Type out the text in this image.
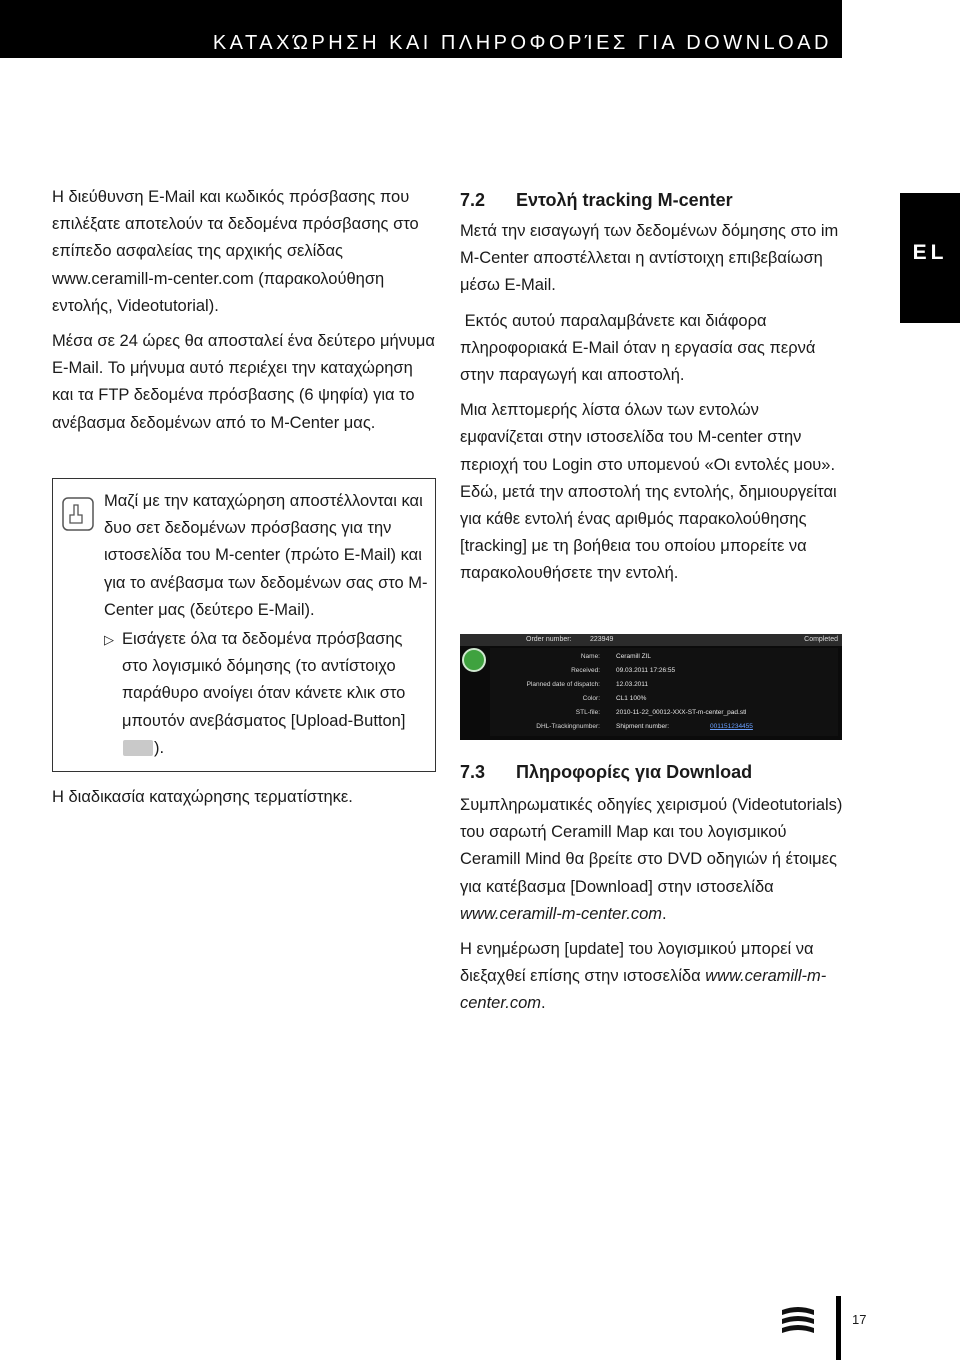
ΚΑΤΑΧΏΡΗΣΗ ΚΑΙ ΠΛΗΡΟΦΟΡΊΕΣ ΓΙΑ DOWNLOAD
EL

Η διεύθυνση E-Mail και κωδικός πρόσβασης που επιλέξατε αποτελούν τα δεδομένα πρόσβασης στο επίπεδο ασφαλείας της αρχικής σελίδας www.ceramill-m-center.com (παρακολούθηση εντολής, Videotutorial).

Μέσα σε 24 ώρες θα αποσταλεί ένα δεύτερο μήνυμα E-Mail. Το μήνυμα αυτό περιέχει την καταχώρηση και τα FTP δεδομένα πρόσβασης (6 ψηφία) για το ανέβασμα δεδομένων από το M-Center μας.

Μαζί με την καταχώρηση αποστέλλονται και δυο σετ δεδομένων πρόσβασης για την ιστοσελίδα του M-center (πρώτο E-Mail) και για το ανέβασμα των δεδομένων σας στο M-Center μας (δεύτερο E-Mail).

▷ Εισάγετε όλα τα δεδομένα πρόσβασης στο λογισμικό δόμησης (το αντίστοιχο παράθυρο ανοίγει όταν κάνετε κλικ στο μπουτόν ανεβάσματος [Upload-Button]).

Η διαδικασία καταχώρησης τερματίστηκε.

7.2 Εντολή tracking M-center

Μετά την εισαγωγή των δεδομένων δόμησης στο im M-Center αποστέλλεται η αντίστοιχη επιβεβαίωση μέσω E-Mail.

Εκτός αυτού παραλαμβάνετε και διάφορα πληροφοριακά E-Mail όταν η εργασία σας περνά στην παραγωγή και αποστολή.

Μια λεπτομερής λίστα όλων των εντολών εμφανίζεται στην ιστοσελίδα του M-center στην περιοχή του Login στο υπομενού «Οι εντολές μου». Εδώ, μετά την αποστολή της εντολής, δημιουργείται για κάθε εντολή ένας αριθμός παρακολούθησης [tracking] με τη βοήθεια του οποίου μπορείτε να παρακολουθήσετε την εντολή.

Order number:	223949	Completed
Name: Ceramill ZIL
Received: 09.03.2011 17:26:55
Planned date of dispatch: 12.03.2011
Color: CL1 100%
STL-file: 2010-11-22_00012-XXX-ST-m-center_pad.stl
DHL-Trackingnumber: Shipment number:	001151234455

7.3 Πληροφορίες για Download

Συμπληρωματικές οδηγίες χειρισμού (Videotutorials) του σαρωτή Ceramill Map και του λογισμικού Ceramill Mind θα βρείτε στο DVD οδηγιών ή έτοιμες για κατέβασμα [Download] στην ιστοσελίδα www.ceramill-m-center.com.

Η ενημέρωση [update] του λογισμικού μπορεί να διεξαχθεί επίσης στην ιστοσελίδα www.ceramill-m-center.com.

17
